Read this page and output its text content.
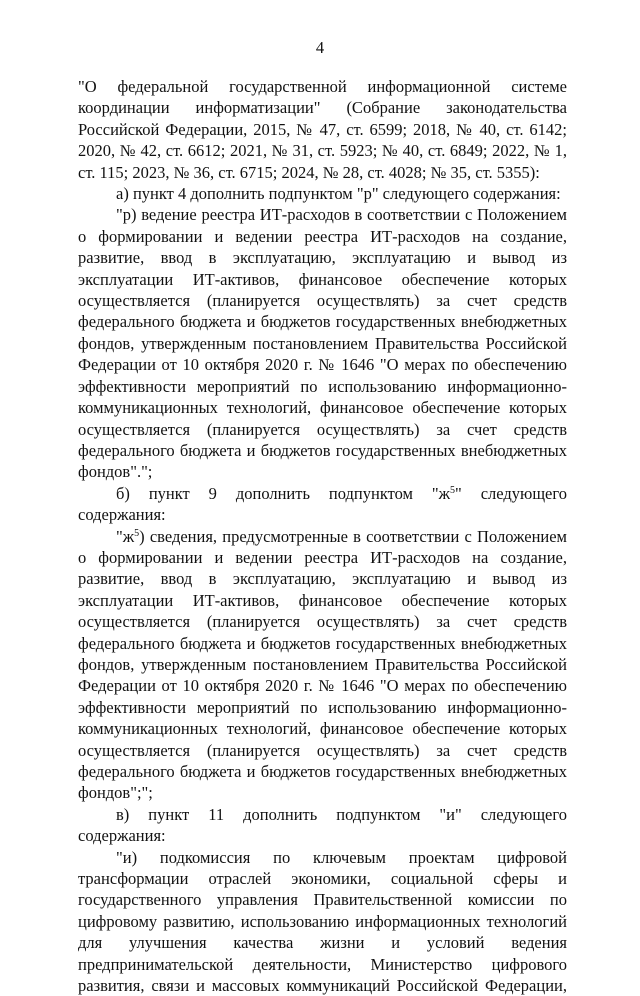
4

"О федеральной государственной информационной системе координации информатизации" (Собрание законодательства Российской Федерации, 2015, № 47, ст. 6599; 2018, № 40, ст. 6142; 2020, № 42, ст. 6612; 2021, № 31, ст. 5923; № 40, ст. 6849; 2022, № 1, ст. 115; 2023, № 36, ст. 6715; 2024, № 28, ст. 4028; № 35, ст. 5355):

а) пункт 4 дополнить подпунктом "р" следующего содержания:

"р) ведение реестра ИТ-расходов в соответствии с Положением о формировании и ведении реестра ИТ-расходов на создание, развитие, ввод в эксплуатацию, эксплуатацию и вывод из эксплуатации ИТ-активов, финансовое обеспечение которых осуществляется (планируется осуществлять) за счет средств федерального бюджета и бюджетов государственных внебюджетных фондов, утвержденным постановлением Правительства Российской Федерации от 10 октября 2020 г. № 1646 "О мерах по обеспечению эффективности мероприятий по использованию информационно-коммуникационных технологий, финансовое обеспечение которых осуществляется (планируется осуществлять) за счет средств федерального бюджета и бюджетов государственных внебюджетных фондов".";

б) пункт 9 дополнить подпунктом "$ж^5$" следующего содержания:

"$ж^5$) сведения, предусмотренные в соответствии с Положением о формировании и ведении реестра ИТ-расходов на создание, развитие, ввод в эксплуатацию, эксплуатацию и вывод из эксплуатации ИТ-активов, финансовое обеспечение которых осуществляется (планируется осуществлять) за счет средств федерального бюджета и бюджетов государственных внебюджетных фондов, утвержденным постановлением Правительства Российской Федерации от 10 октября 2020 г. № 1646 "О мерах по обеспечению эффективности мероприятий по использованию информационно-коммуникационных технологий, финансовое обеспечение которых осуществляется (планируется осуществлять) за счет средств федерального бюджета и бюджетов государственных внебюджетных фондов";";

в) пункт 11 дополнить подпунктом "и" следующего содержания:

"и) подкомиссия по ключевым проектам цифровой трансформации отраслей экономики, социальной сферы и государственного управления Правительственной комиссии по цифровому развитию, использованию информационных технологий для улучшения качества жизни и условий ведения предпринимательской деятельности, Министерство цифрового развития, связи и массовых коммуникаций Российской Федерации,
